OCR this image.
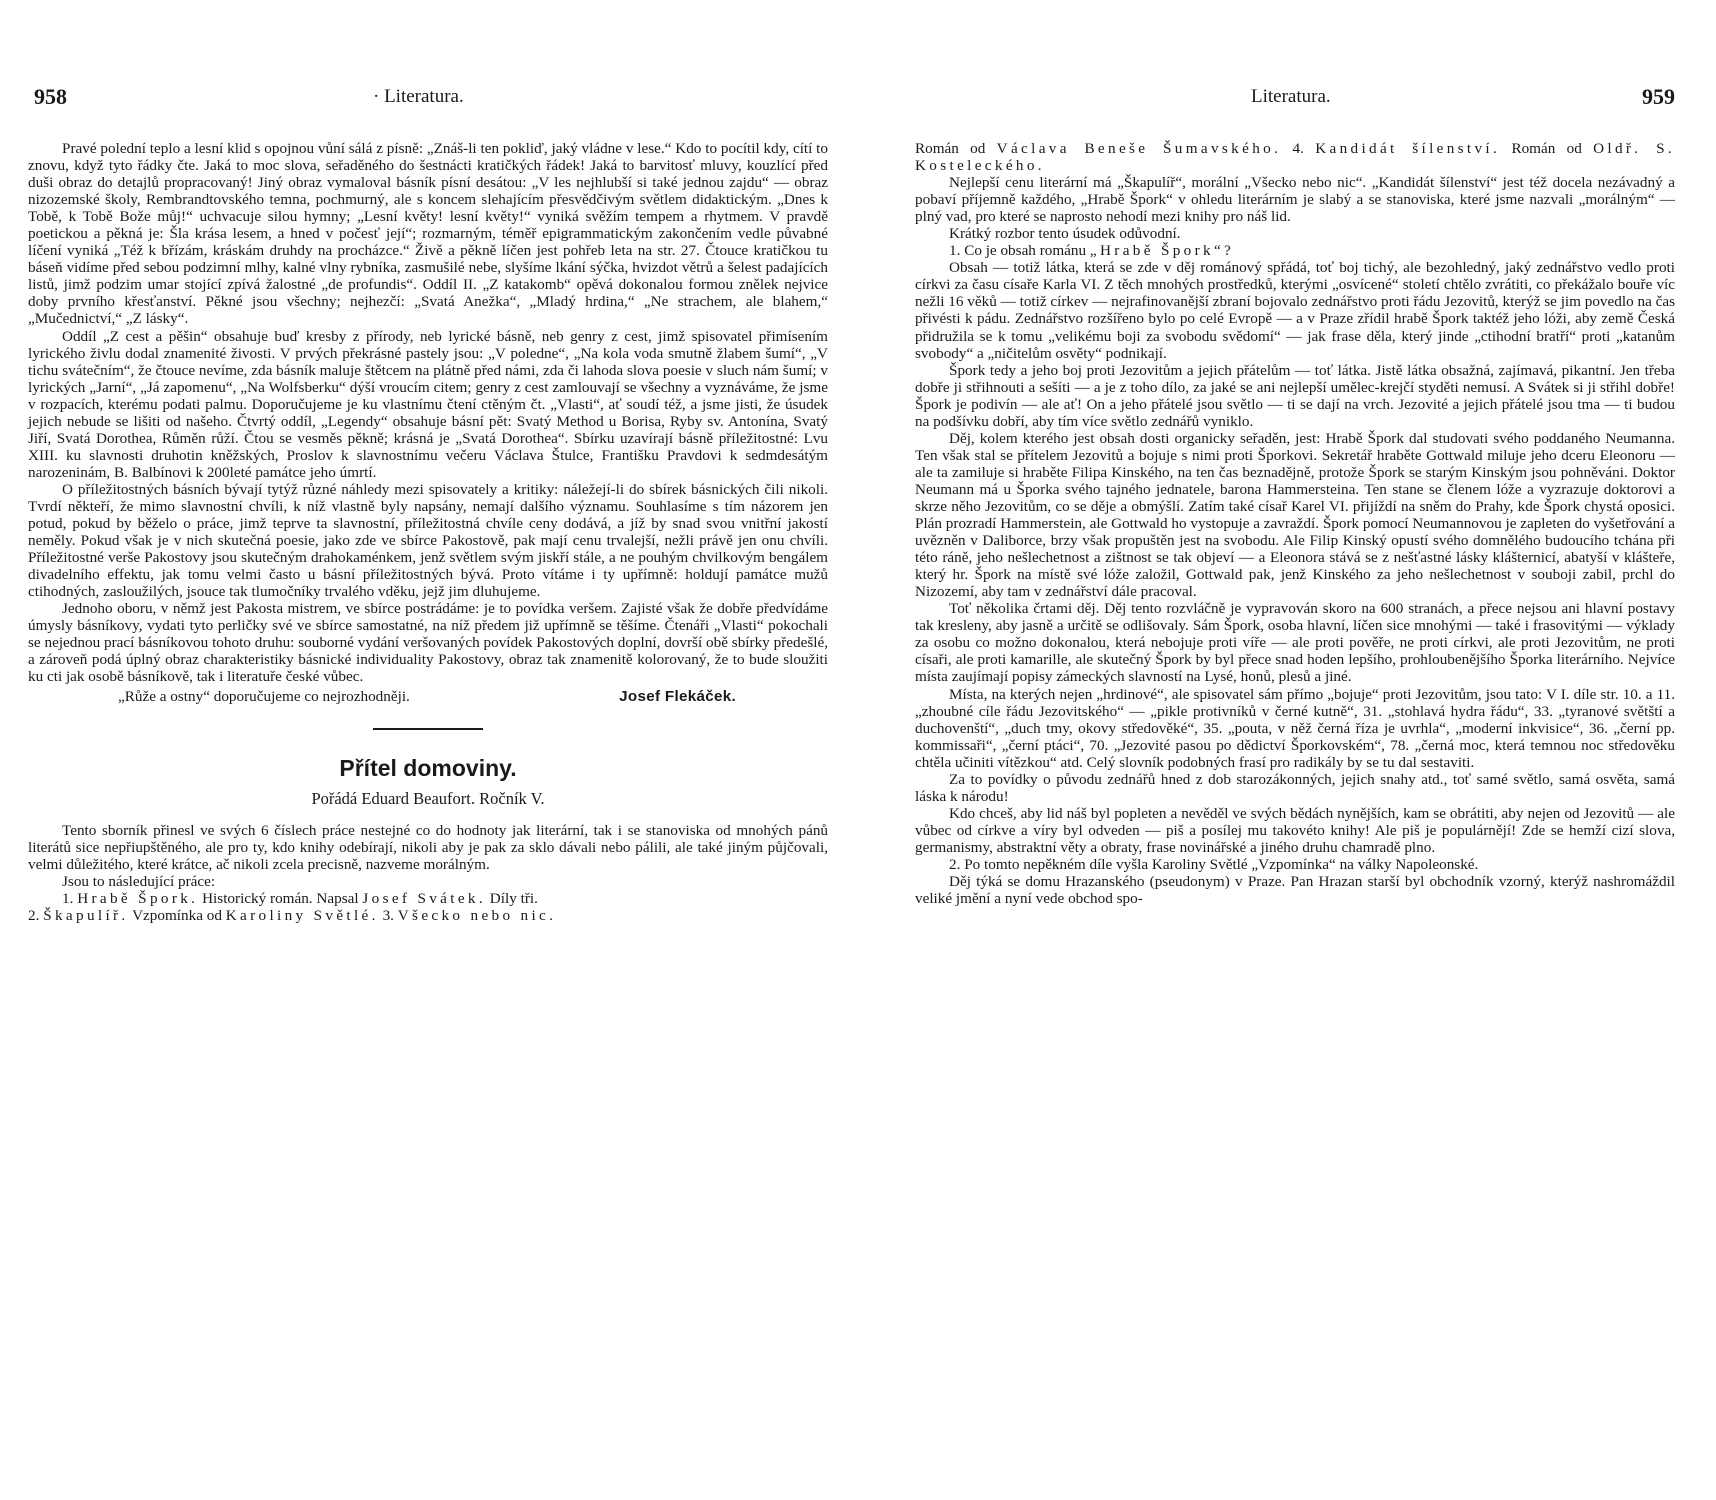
958	· Literatura.

Pravé polední teplo a lesní klid s opojnou vůní sálá z písně: „Znáš-li ten pokliď, jaký vládne v lese.“ Kdo to pocítil kdy, cítí to znovu, když tyto řádky čte. Jaká to moc slova, seřaděného do šestnácti kratičkých řádek! Jaká to barvitosť mluvy, kouzlící před duši obraz do detajlů propracovaný! Jiný obraz vymaloval básník písní desátou: „V les nejhlubší si také jednou zajdu“ — obraz nizozemské školy, Rembrandtovského temna, pochmurný, ale s koncem slehajícím přesvědčivým světlem didaktickým. „Dnes k Tobě, k Tobě Bože můj!“ uchvacuje silou hymny; „Lesní květy! lesní květy!“ vyniká svěžím tempem a rhytmem. V pravdě poetickou a pěkná je: Šla krása lesem, a hned v počesť její“; rozmarným, téměř epigrammatickým zakončením vedle půvabné líčení vyniká „Též k břízám, kráskám druhdy na procházce.“ Živě a pěkně líčen jest pohřeb leta na str. 27. Čtouce kratičkou tu báseň vidíme před sebou podzimní mlhy, kalné vlny rybníka, zasmušilé nebe, slyšíme lkání sýčka, hvizdot větrů a šelest padajících listů, jimž podzim umar stojící zpívá žalostné „de profundis“. Oddíl II. „Z katakomb“ opěvá dokonalou formou znělek nejvice doby prvního křesťanství. Pěkné jsou všechny; nejhezčí: „Svatá Anežka“, „Mladý hrdina,“ „Ne strachem, ale blahem,“ „Mučednictví,“ „Z lásky“.

Oddíl „Z cest a pěšin“ obsahuje buď kresby z přírody, neb lyrické básně, neb genry z cest, jimž spisovatel přimísením lyrického živlu dodal znamenité živosti. V prvých překrásné pastely jsou: „V poledne“, „Na kola voda smutně žlabem šumí“, „V tichu svátečním“, že čtouce nevíme, zda básník maluje štětcem na plátně před námi, zda či lahoda slova poesie v sluch nám šumí; v lyrických „Jarní“, „Já zapomenu“, „Na Wolfsberku“ dýší vroucím citem; genry z cest zamlouvají se všechny a vyznáváme, že jsme v rozpacích, kterému podati palmu. Doporučujeme je ku vlastnímu čtení ctěným čt. „Vlasti“, ať soudí též, a jsme jisti, že úsudek jejich nebude se lišiti od našeho. Čtvrtý oddíl, „Legendy“ obsahuje básní pět: Svatý Method u Borisa, Ryby sv. Antonína, Svatý Jiří, Svatá Dorothea, Růměn růží. Čtou se vesměs pěkně; krásná je „Svatá Dorothea“. Sbírku uzavírají básně příležitostné: Lvu XIII. ku slavnosti druhotin kněžských, Proslov k slavnostnímu večeru Václava Štulce, Františku Pravdovi k sedmdesátým narozeninám, B. Balbínovi k 200leté památce jeho úmrtí.

O příležitostných básních bývají tytýž různé náhledy mezi spisovately a kritiky: náležejí-li do sbírek básnických čili nikoli. Tvrdí někteří, že mimo slavnostní chvíli, k níž vlastně byly napsány, nemají dalšího významu. Souhlasíme s tím názorem jen potud, pokud by běželo o práce, jimž teprve ta slavnostní, příležitostná chvíle ceny dodává, a jíž by snad svou vnitřní jakostí neměly. Pokud však je v nich skutečná poesie, jako zde ve sbírce Pakostově, pak mají cenu trvalejší, nežli právě jen onu chvíli. Příležitostné verše Pakostovy jsou skutečným drahokaménkem, jenž světlem svým jiskří stále, a ne pouhým chvilkovým bengálem divadelního effektu, jak tomu velmi často u básní příležitostných bývá. Proto vítáme i ty upřímně: holdují památce mužů ctihodných, zasloužilých, jsouce tak tlumočníky trvalého vděku, jejž jim dluhujeme.

Jednoho oboru, v němž jest Pakosta mistrem, ve sbírce postrádáme: je to povídka veršem. Zajisté však že dobře předvídáme úmysly básníkovy, vydati tyto perličky své ve sbírce samostatné, na níž předem již upřímně se těšíme. Čtenáři „Vlasti“ pokochali se nejednou prací básníkovou tohoto druhu: souborné vydání veršovaných povídek Pakostových doplní, dovrší obě sbírky předešlé, a zároveň podá úplný obraz charakteristiky básnické individuality Pakostovy, obraz tak znamenitě kolorovaný, že to bude sloužiti ku cti jak osobě básníkově, tak i literatuře české vůbec.

„Růže a ostny“ doporučujeme co nejrozhodněji.	Josef Flekáček.
Přítel domoviny.
Pořádá Eduard Beaufort. Ročník V.

Tento sborník přinesl ve svých 6 číslech práce nestejné co do hodnoty jak literární, tak i se stanoviska od mnohých pánů literátů sice nepřiupštěného, ale pro ty, kdo knihy odebírají, nikoli aby je pak za sklo dávali nebo pálili, ale také jiným půjčovali, velmi důležitého, které krátce, ač nikoli zcela precisně, nazveme morálným.

Jsou to následující práce:

1. Hrabě Špork. Historický román. Napsal Josef Svátek. Díly tři.

2. Škapulíř. Vzpomínka od Karoliny Světlé. 3. Všecko nebo nic.

Literatura.	959

Román od Václava Beneše Šumavského. 4. Kandidát šílenství. Román od Oldř. S. Kosteleckého.

Nejlepší cenu literární má „Škapulíř“, morální „Všecko nebo nic“. „Kandidát šílenství“ jest též docela nezávadný a pobaví příjemně každého, „Hrabě Špork“ v ohledu literárním je slabý a se stanoviska, které jsme nazvali „morálným“ — plný vad, pro které se naprosto nehodí mezi knihy pro náš lid.

Krátký rozbor tento úsudek odůvodní.

1. Co je obsah románu „Hrabě Špork“?

Obsah — totiž látka, která se zde v děj románový spřádá, toť boj tichý, ale bezohledný, jaký zednářstvo vedlo proti církvi za času císaře Karla VI. Z těch mnohých prostředků, kterými „osvícené“ století chtělo zvrátiti, co překážalo bouře víc nežli 16 věků — totiž církev — nejrafinovanější zbraní bojovalo zednářstvo proti řádu Jezovitů, kterýž se jim povedlo na čas přivésti k pádu. Zednářstvo rozšířeno bylo po celé Evropě — a v Praze zřídil hrabě Špork taktéž jeho lóži, aby země Česká přidružila se k tomu „velikému boji za svobodu svědomí“ — jak frase děla, který jinde „ctihodní bratří“ proti „katanům svobody“ a „ničitelům osvěty“ podnikají.

Špork tedy a jeho boj proti Jezovitům a jejich přátelům — toť látka. Jistě látka obsažná, zajímavá, pikantní. Jen třeba dobře ji střihnouti a sešíti — a je z toho dílo, za jaké se ani nejlepší umělec-krejčí styděti nemusí. A Svátek si ji střihl dobře! Špork je podivín — ale ať! On a jeho přátelé jsou světlo — ti se dají na vrch. Jezovité a jejich přátelé jsou tma — ti budou na podšívku dobří, aby tím více světlo zednářů vyniklo.

Děj, kolem kterého jest obsah dosti organicky seřaděn, jest: Hrabě Špork dal studovati svého poddaného Neumanna. Ten však stal se přítelem Jezovitů a bojuje s nimi proti Šporkovi. Sekretář hraběte Gottwald miluje jeho dceru Eleonoru — ale ta zamiluje si hraběte Filipa Kinského, na ten čas beznadějně, protože Špork se starým Kinským jsou pohněváni. Doktor Neumann má u Šporka svého tajného jednatele, barona Hammersteina. Ten stane se členem lóže a vyzrazuje doktorovi a skrze něho Jezovitům, co se děje a obmýšlí. Zatím také císař Karel VI. přijíždí na sněm do Prahy, kde Špork chystá oposici. Plán prozradí Hammerstein, ale Gottwald ho vystopuje a zavraždí. Špork pomocí Neumannovou je zapleten do vyšetřování a uvězněn v Daliborce, brzy však propuštěn jest na svobodu. Ale Filip Kinský opustí svého domnělého budoucího tchána při této ráně, jeho nešlechetnost a zištnost se tak objeví — a Eleonora stává se z nešťastné lásky klášternicí, abatyší v klášteře, který hr. Špork na místě své lóže založil, Gottwald pak, jenž Kinského za jeho nešlechetnost v souboji zabil, prchl do Nizozemí, aby tam v zednářství dále pracoval.

Toť několika črtami děj. Děj tento rozvláčně je vypravován skoro na 600 stranách, a přece nejsou ani hlavní postavy tak kresleny, aby jasně a určitě se odlišovaly. Sám Špork, osoba hlavní, líčen sice mnohými — také i frasovitými — výklady za osobu co možno dokonalou, která nebojuje proti víře — ale proti pověře, ne proti církvi, ale proti Jezovitům, ne proti císaři, ale proti kamarille, ale skutečný Špork by byl přece snad hoden lepšího, prohloubenějšího Šporka literárního. Nejvíce místa zaujímají popisy zámeckých slavností na Lysé, honů, plesů a jiné.

Místa, na kterých nejen „hrdinové“, ale spisovatel sám přímo „bojuje“ proti Jezovitům, jsou tato: V I. díle str. 10. a 11. „zhoubné cíle řádu Jezovitského“ — „pikle protivníků v černé kutně“, 31. „stohlavá hydra řádu“, 33. „tyranové světští a duchovenští“, „duch tmy, okovy středověké“, 35. „pouta, v něž černá říza je uvrhla“, „moderní inkvisice“, 36. „černí pp. kommissaři“, „černí ptáci“, 70. „Jezovité pasou po dědictví Šporkovském“, 78. „černá moc, která temnou noc středověku chtěla učiniti vítězkou“ atd. Celý slovník podobných frasí pro radikály by se tu dal sestaviti.

Za to povídky o původu zednářů hned z dob starozákonných, jejich snahy atd., toť samé světlo, samá osvěta, samá láska k národu!

Kdo chceš, aby lid náš byl popleten a nevěděl ve svých bědách nynějších, kam se obrátiti, aby nejen od Jezovitů — ale vůbec od církve a víry byl odveden — piš a posílej mu takovéto knihy! Ale piš je populárnějí! Zde se hemží cizí slova, germanismy, abstraktní věty a obraty, frase novinářské a jiného druhu chamradě plno.

2. Po tomto nepěkném díle vyšla Karoliny Světlé „Vzpomínka“ na války Napoleonské.

Děj týká se domu Hrazanského (pseudonym) v Praze. Pan Hrazan starší byl obchodník vzorný, kterýž nashromáždil veliké jmění a nyní vede obchod spo-
